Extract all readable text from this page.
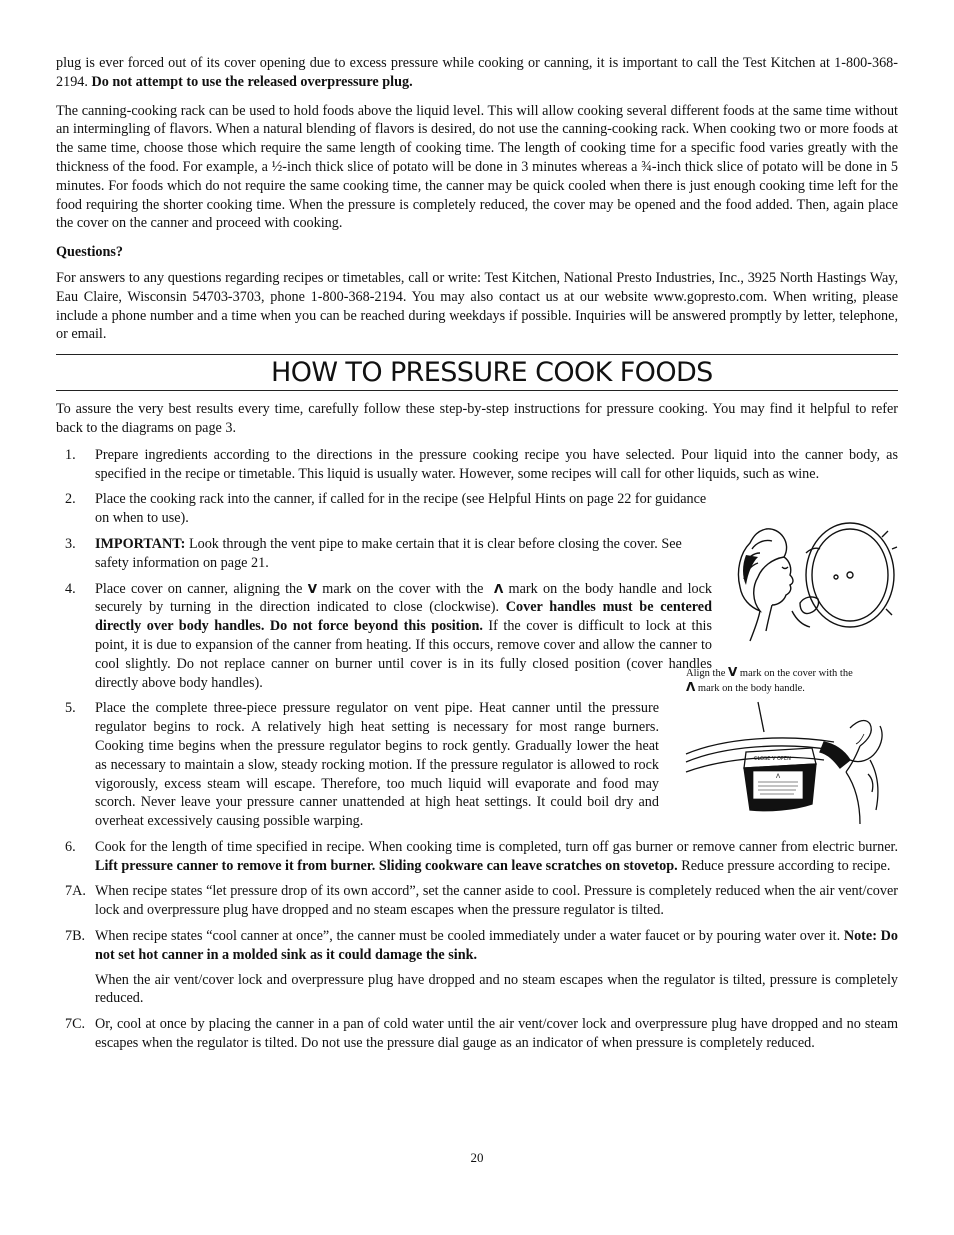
plug is ever forced out of its cover opening due to excess pressure while cooking or canning, it is important to call the Test Kitchen at 1-800-368-2194. Do not attempt to use the released overpressure plug.

The canning-cooking rack can be used to hold foods above the liquid level. This will allow cooking several different foods at the same time without an intermingling of flavors. When a natural blending of flavors is desired, do not use the canning-cooking rack. When cooking two or more foods at the same time, choose those which require the same length of cooking time. The length of cooking time for a specific food varies greatly with the thickness of the food. For example, a ½-inch thick slice of potato will be done in 3 minutes whereas a ¾-inch thick slice of potato will be done in 5 minutes. For foods which do not require the same cooking time, the canner may be quick cooled when there is just enough cooking time left for the food requiring the shorter cooking time. When the pressure is completely reduced, the cover may be opened and the food added. Then, again place the cover on the canner and proceed with cooking.

Questions?

For answers to any questions regarding recipes or timetables, call or write: Test Kitchen, National Presto Industries, Inc., 3925 North Hastings Way, Eau Claire, Wisconsin 54703-3703, phone 1-800-368-2194. You may also contact us at our website www.gopresto.com. When writing, please include a phone number and a time when you can be reached during weekdays if possible. Inquiries will be answered promptly by letter, telephone, or email.

HOW TO PRESSURE COOK FOODS

To assure the very best results every time, carefully follow these step-by-step instructions for pressure cooking. You may find it helpful to refer back to the diagrams on page 3.

1.	Prepare ingredients according to the directions in the pressure cooking recipe you have selected. Pour liquid into the canner body, as specified in the recipe or timetable. This liquid is usually water. However, some recipes will call for other liquids, such as wine.
2.	Place the cooking rack into the canner, if called for in the recipe (see Helpful Hints on page 22 for guidance on when to use).
3.	IMPORTANT: Look through the vent pipe to make certain that it is clear before closing the cover. See safety information on page 21.
4.	Place cover on canner, aligning the V mark on the cover with the  Λ mark on the body handle and lock securely by turning in the direction indicated to close (clockwise). Cover handles must be centered directly over body handles. Do not force beyond this position. If the cover is difficult to lock at this point, it is due to expansion of the canner from heating. If this occurs, remove cover and allow the canner to cool slightly. Do not replace canner on burner until cover is in its fully closed position (cover handles directly above body handles).
5.	Place the complete three-piece pressure regulator on vent pipe. Heat canner until the pressure regulator begins to rock. A relatively high heat setting is necessary for most range burners. Cooking time begins when the pressure regulator begins to rock gently. Gradually lower the heat as necessary to maintain a slow, steady rocking motion. If the pressure regulator is allowed to rock vigorously, excess steam will escape. Therefore, too much liquid will evaporate and food may scorch. Never leave your pressure canner unattended at high heat settings. It could boil dry and overheat excessively causing possible warping.
6.	Cook for the length of time specified in recipe. When cooking time is completed, turn off gas burner or remove canner from electric burner. Lift pressure canner to remove it from burner. Sliding cookware can leave scratches on stovetop. Reduce pressure according to recipe.
7A. When recipe states “let pressure drop of its own accord”, set the canner aside to cool. Pressure is completely reduced when the air vent/cover lock and overpressure plug have dropped and no steam escapes when the pressure regulator is tilted.
7B. When recipe states “cool canner at once”, the canner must be cooled immediately under a water faucet or by pouring water over it. Note: Do not set hot canner in a molded sink as it could damage the sink.

When the air vent/cover lock and overpressure plug have dropped and no steam escapes when the regulator is tilted, pressure is completely reduced.

7C. Or, cool at once by placing the canner in a pan of cold water until the air vent/cover lock and overpressure plug have dropped and no steam escapes when the regulator is tilted. Do not use the pressure dial gauge as an indicator of when pressure is completely reduced.
Align the V mark on the cover with the
Λ mark on the body handle.
CLOSE V OPEN
Λ
20
